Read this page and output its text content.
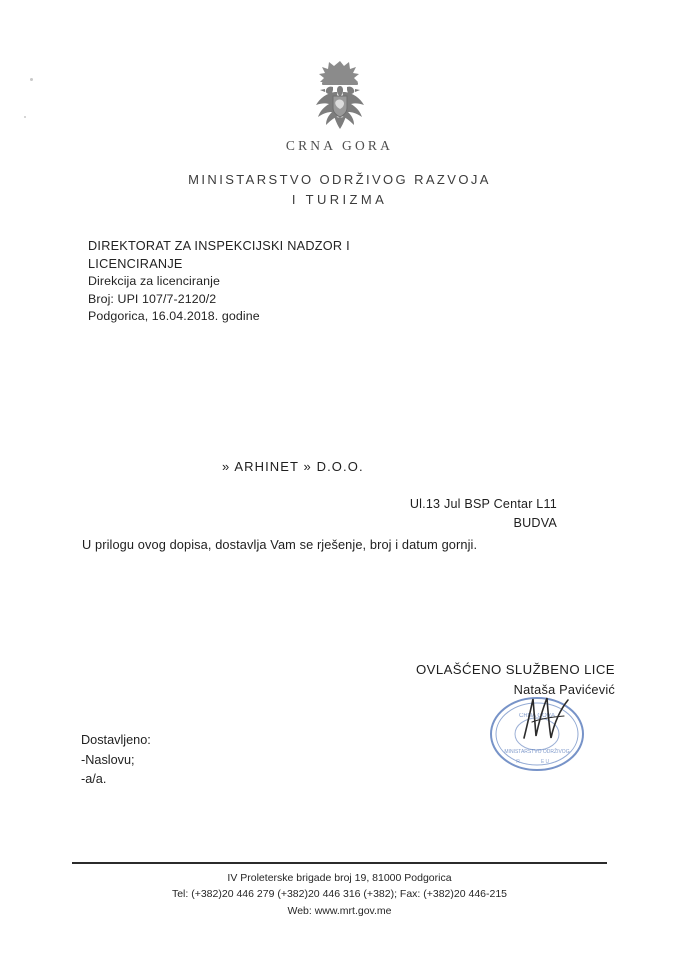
CRNA GORA
MINISTARSTVO ODRŽIVOG RAZVOJA
I TURIZMA
DIREKTORAT ZA INSPEKCIJSKI NADZOR I LICENCIRANJE
Direkcija za licenciranje
Broj: UPI 107/7-2120/2
Podgorica, 16.04.2018. godine
» ARHINET » D.O.O.
Ul.13 Jul BSP Centar L11
BUDVA
U prilogu ovog dopisa, dostavlja Vam se rješenje, broj i datum gornji.
OVLAŠĆENO SLUŽBENO LICE
Nataša Pavićević
CRNA GORA
MINISTARSTVO ODRŽIVOG
R	E U
Dostavljeno:
-Naslovu;
-a/a.
IV Proleterske brigade broj 19, 81000 Podgorica
Tel: (+382)20 446 279 (+382)20 446 316 (+382); Fax: (+382)20 446-215
Web: www.mrt.gov.me
